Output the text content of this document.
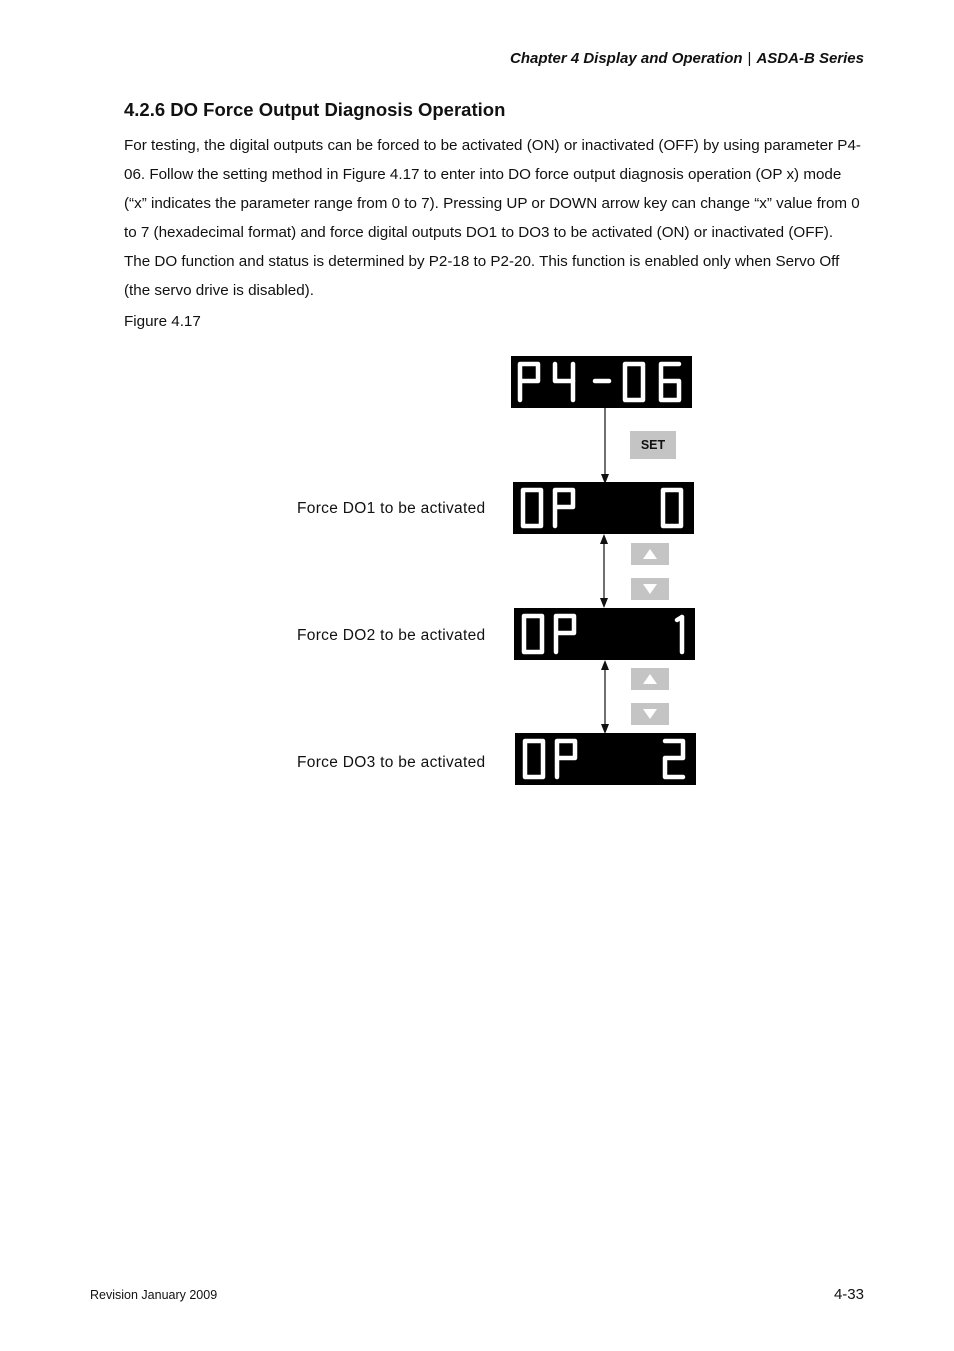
Chapter 4 Display and Operation | ASDA-B Series
4.2.6 DO Force Output Diagnosis Operation

For testing, the digital outputs can be forced to be activated (ON) or inactivated (OFF) by using parameter P4-06. Follow the setting method in Figure 4.17 to enter into DO force output diagnosis operation (OP x) mode (“x” indicates the parameter range from 0 to 7). Pressing UP or DOWN arrow key can change “x” value from 0 to 7 (hexadecimal format) and force digital outputs DO1 to DO3 to be activated (ON) or inactivated (OFF). The DO function and status is determined by P2-18 to P2-20. This function is enabled only when Servo Off (the servo drive is disabled).

Figure 4.17

SET
Force DO1 to be activated
Force DO2 to be activated
Force DO3 to be activated
Revision January 2009	4-33
